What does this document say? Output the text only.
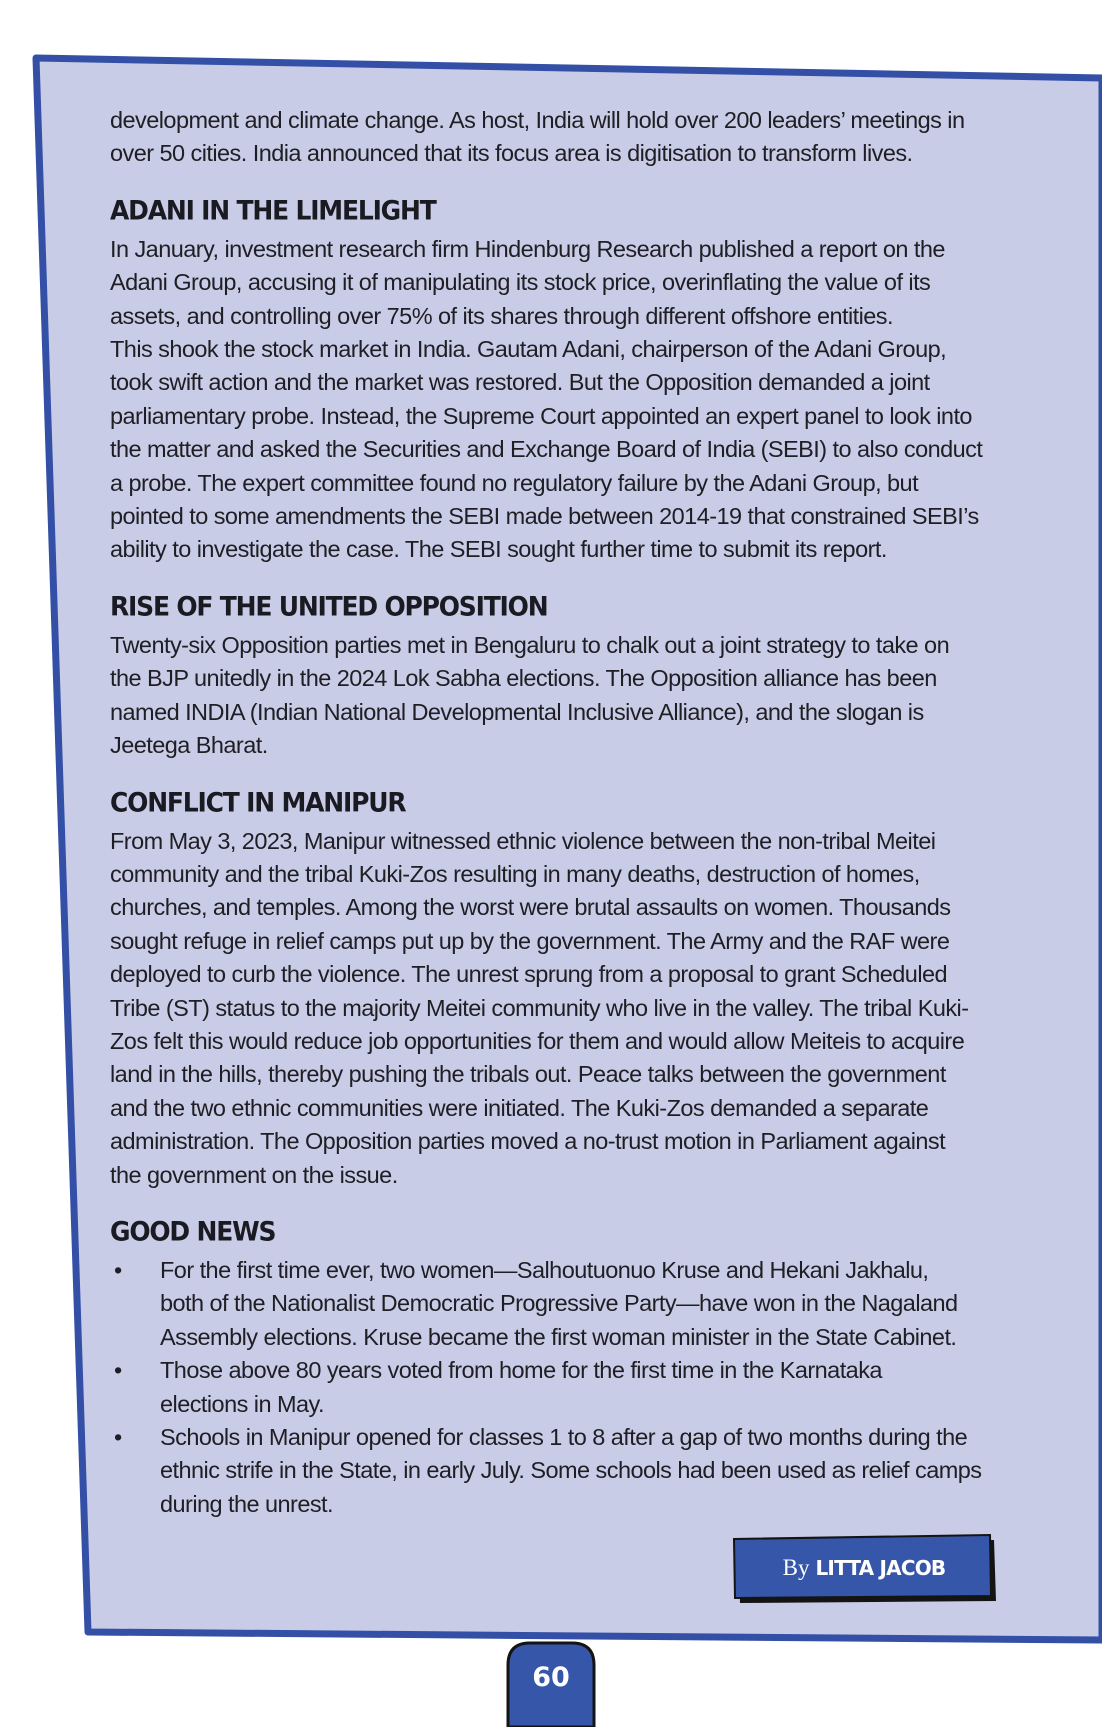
development and climate change. As host, India will hold over 200 leaders’ meetings in
over 50 cities. India announced that its focus area is digitisation to transform lives.

ADANI IN THE LIMELIGHT

In January, investment research firm Hindenburg Research published a report on the
Adani Group, accusing it of manipulating its stock price, overinflating the value of its
assets, and controlling over 75% of its shares through different offshore entities.
This shook the stock market in India. Gautam Adani, chairperson of the Adani Group,
took swift action and the market was restored. But the Opposition demanded a joint
parliamentary probe. Instead, the Supreme Court appointed an expert panel to look into
the matter and asked the Securities and Exchange Board of India (SEBI) to also conduct
a probe. The expert committee found no regulatory failure by the Adani Group, but
pointed to some amendments the SEBI made between 2014-19 that constrained SEBI’s
ability to investigate the case. The SEBI sought further time to submit its report.

RISE OF THE UNITED OPPOSITION

Twenty-six Opposition parties met in Bengaluru to chalk out a joint strategy to take on
the BJP unitedly in the 2024 Lok Sabha elections. The Opposition alliance has been
named INDIA (Indian National Developmental Inclusive Alliance), and the slogan is
Jeetega Bharat.

CONFLICT IN MANIPUR

From May 3, 2023, Manipur witnessed ethnic violence between the non-tribal Meitei
community and the tribal Kuki-Zos resulting in many deaths, destruction of homes,
churches, and temples. Among the worst were brutal assaults on women. Thousands
sought refuge in relief camps put up by the government. The Army and the RAF were
deployed to curb the violence. The unrest sprung from a proposal to grant Scheduled
Tribe (ST) status to the majority Meitei community who live in the valley. The tribal Kuki-
Zos felt this would reduce job opportunities for them and would allow Meiteis to acquire
land in the hills, thereby pushing the tribals out. Peace talks between the government
and the two ethnic communities were initiated. The Kuki-Zos demanded a separate
administration. The Opposition parties moved a no-trust motion in Parliament against
the government on the issue.

GOOD NEWS
• For the first time ever, two women—Salhoutuonuo Kruse and Hekani Jakhalu,
both of the Nationalist Democratic Progressive Party—have won in the Nagaland
Assembly elections. Kruse became the first woman minister in the State Cabinet.
• Those above 80 years voted from home for the first time in the Karnataka
elections in May.
• Schools in Manipur opened for classes 1 to 8 after a gap of two months during the
ethnic strife in the State, in early July. Some schools had been used as relief camps
during the unrest.
By LITTA JACOB
60
